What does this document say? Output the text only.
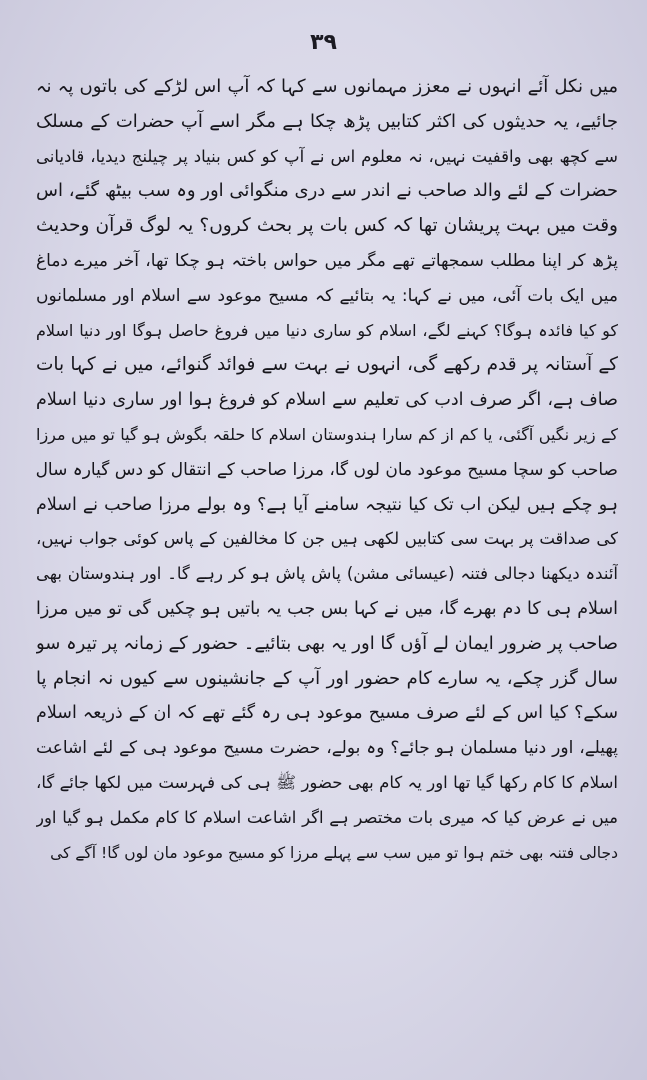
۳۹
میں نکل آئے انہوں نے معزز مہمانوں سے کہا کہ آپ اس لڑکے کی باتوں پہ نہ
جائیے، یہ حدیثوں کی اکثر کتابیں پڑھ چکا ہے مگر اسے آپ حضرات کے مسلک
سے کچھ بھی واقفیت نہیں، نہ معلوم اس نے آپ کو کس بنیاد پر چیلنج دیدیا، قادیانی
حضرات کے لئے والد صاحب نے اندر سے دری منگوائی اور وہ سب بیٹھ گئے، اس
وقت میں بہت پریشان تھا کہ کس بات پر بحث کروں؟ یہ لوگ قرآن وحدیث
پڑھ کر اپنا مطلب سمجھاتے تھے مگر میں حواس باختہ ہو چکا تھا، آخر میرے دماغ
میں ایک بات آئی، میں نے کہا: یہ بتائیے کہ مسیح موعود سے اسلام اور مسلمانوں
کو کیا فائدہ ہوگا؟ کہنے لگے، اسلام کو ساری دنیا میں فروغ حاصل ہوگا اور دنیا اسلام
کے آستانہ پر قدم رکھے گی، انہوں نے بہت سے فوائد گنوائے، میں نے کہا بات
صاف ہے، اگر صرف ادب کی تعلیم سے اسلام کو فروغ ہوا اور ساری دنیا اسلام
کے زیر نگیں آگئی، یا کم از کم سارا ہندوستان اسلام کا حلقہ بگوش ہو گیا تو میں مرزا
صاحب کو سچا مسیح موعود مان لوں گا، مرزا صاحب کے انتقال کو دس گیارہ سال
ہو چکے ہیں لیکن اب تک کیا نتیجہ سامنے آیا ہے؟ وہ بولے مرزا صاحب نے اسلام
کی صداقت پر بہت سی کتابیں لکھی ہیں جن کا مخالفین کے پاس کوئی جواب نہیں،
آئندہ دیکھنا دجالی فتنہ (عیسائی مشن) پاش پاش ہو کر رہے گا۔ اور ہندوستان بھی
اسلام ہی کا دم بھرے گا، میں نے کہا بس جب یہ باتیں ہو چکیں گی تو میں مرزا
صاحب پر ضرور ایمان لے آؤں گا اور یہ بھی بتائیے۔ حضور کے زمانہ پر تیرہ سو
سال گزر چکے، یہ سارے کام حضور اور آپ کے جانشینوں سے کیوں نہ انجام پا
سکے؟ کیا اس کے لئے صرف مسیح موعود ہی رہ گئے تھے کہ ان کے ذریعہ اسلام
پھیلے، اور دنیا مسلمان ہو جائے؟ وہ بولے، حضرت مسیح موعود ہی کے لئے اشاعت
اسلام کا کام رکھا گیا تھا اور یہ کام بھی حضور ﷺ ہی کی فہرست میں لکھا جائے گا،
میں نے عرض کیا کہ میری بات مختصر ہے اگر اشاعت اسلام کا کام مکمل ہو گیا اور
دجالی فتنہ بھی ختم ہوا تو میں سب سے پہلے مرزا کو مسیح موعود مان لوں گا! آگے کی
